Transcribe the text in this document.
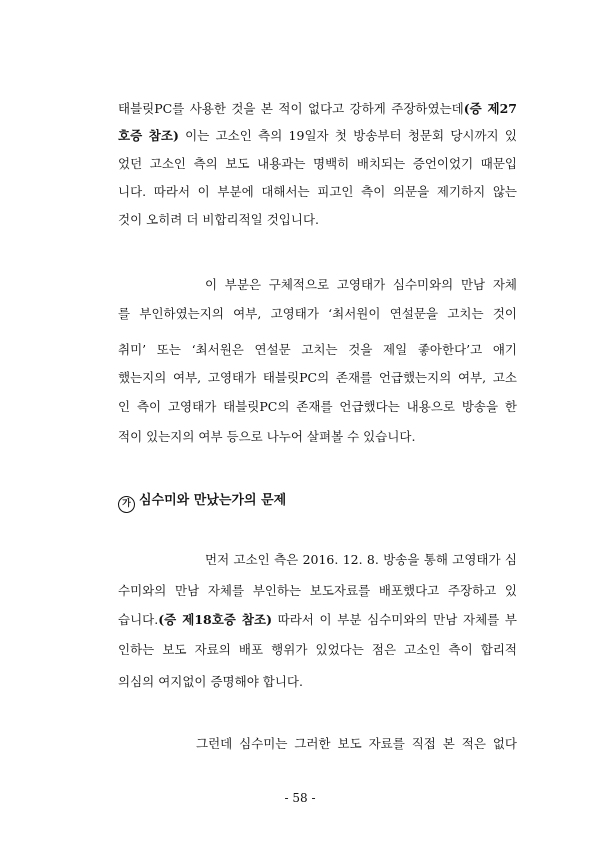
태블릿PC를 사용한 것을 본 적이 없다고 강하게 주장하였는데(증 제27
호증 참조) 이는 고소인 측의 19일자 첫 방송부터 청문회 당시까지 있
었던 고소인 측의 보도 내용과는 명백히 배치되는 증언이었기 때문입
니다. 따라서 이 부분에 대해서는 피고인 측이 의문을 제기하지 않는
것이 오히려 더 비합리적일 것입니다.
이 부분은 구체적으로 고영태가 심수미와의 만남 자체
를 부인하였는지의 여부, 고영태가 ‘최서원이 연설문을 고치는 것이
취미’ 또는 ‘최서원은 연설문 고치는 것을 제일 좋아한다’고 얘기
했는지의 여부, 고영태가 태블릿PC의 존재를 언급했는지의 여부, 고소
인 측이 고영태가 태블릿PC의 존재를 언급했다는 내용으로 방송을 한
적이 있는지의 여부 등으로 나누어 살펴볼 수 있습니다.
가 심수미와 만났는가의 문제
먼저 고소인 측은 2016. 12. 8. 방송을 통해 고영태가 심
수미와의 만남 자체를 부인하는 보도자료를 배포했다고 주장하고 있
습니다.(증 제18호증 참조) 따라서 이 부분 심수미와의 만남 자체를 부
인하는 보도 자료의 배포 행위가 있었다는 점은 고소인 측이 합리적
의심의 여지없이 증명해야 합니다.
그런데 심수미는 그러한 보도 자료를 직접 본 적은 없다
- 58 -
